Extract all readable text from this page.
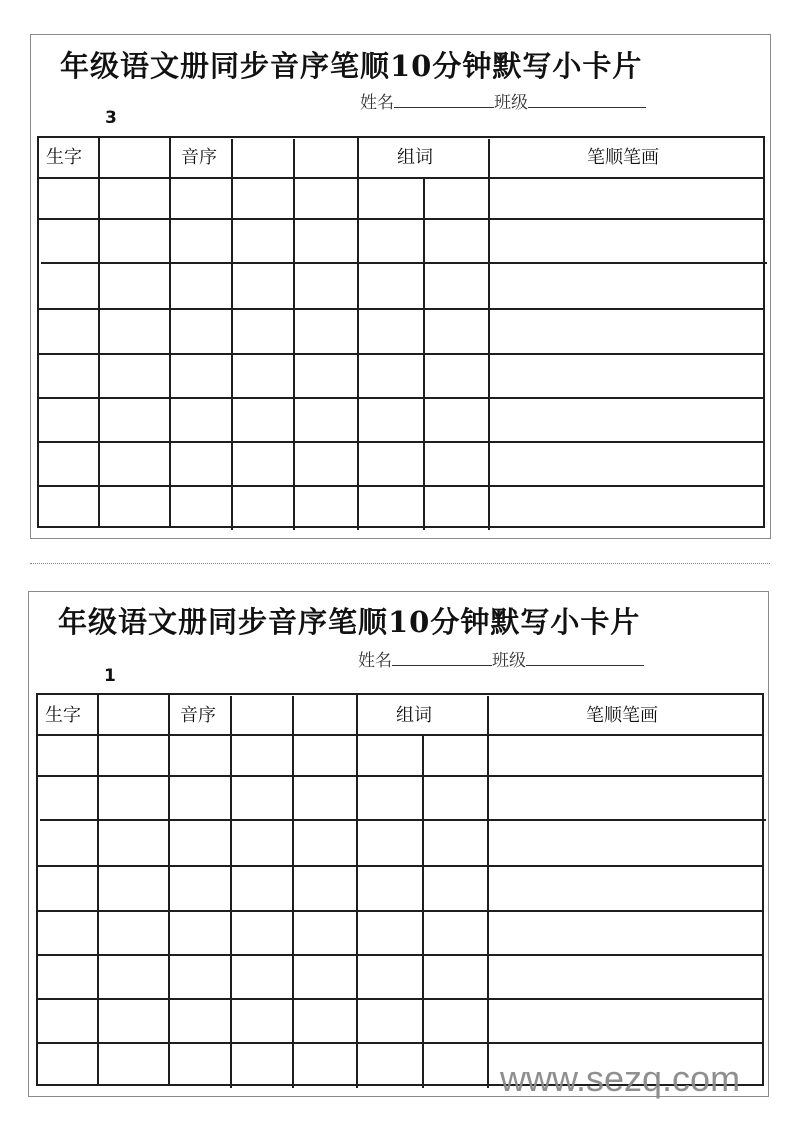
年级语文册同步音序笔顺10分钟默写小卡片
姓名	班级
3
生字	音序	组词	笔顺笔画
年级语文册同步音序笔顺10分钟默写小卡片
姓名	班级
1
生字	音序	组词	笔顺笔画
www.sezq.com
